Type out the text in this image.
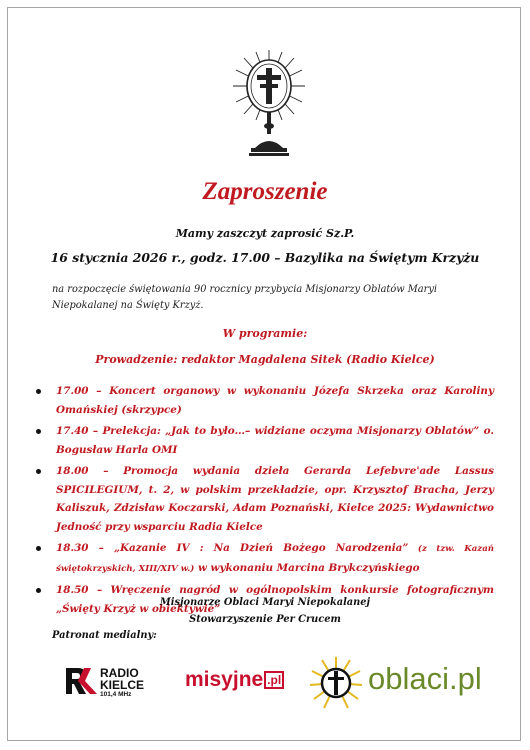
Zaproszenie
Mamy zaszczyt zaprosić Sz.P.
16 stycznia 2026 r., godz. 17.00 – Bazylika na Świętym Krzyżu
na rozpoczęcie świętowania 90 rocznicy przybycia Misjonarzy Oblatów Maryi Niepokalanej na Święty Krzyż.
W programie:
Prowadzenie: redaktor Magdalena Sitek (Radio Kielce)
17.00 – Koncert organowy w wykonaniu Józefa Skrzeka oraz Karoliny Omańskiej (skrzypce)
17.40 – Prelekcja: „Jak to było…– widziane oczyma Misjonarzy Oblatów” o. Bogusław Harla OMI
18.00 – Promocja wydania dzieła Gerarda Lefebvre'ade Lassus SPICILEGIUM, t. 2, w polskim przekładzie, opr. Krzysztof Bracha, Jerzy Kaliszuk, Zdzisław Koczarski, Adam Poznański, Kielce 2025: Wydawnictwo Jedność przy wsparciu Radia Kielce
18.30 – „Kazanie IV : Na Dzień Bożego Narodzenia” (z tzw. Kazań świętokrzyskich, XIII/XIV w.) w wykonaniu Marcina Brykczyńskiego
18.50 – Wręczenie nagród w ogólnopolskim konkursie fotograficznym „Święty Krzyż w obiektywie”
Misjonarze Oblaci Maryi Niepokalanej
Stowarzyszenie Per Crucem
Patronat medialny:
RADIO
KIELCE
101,4 MHz
misyjne .pl	oblaci.pl
